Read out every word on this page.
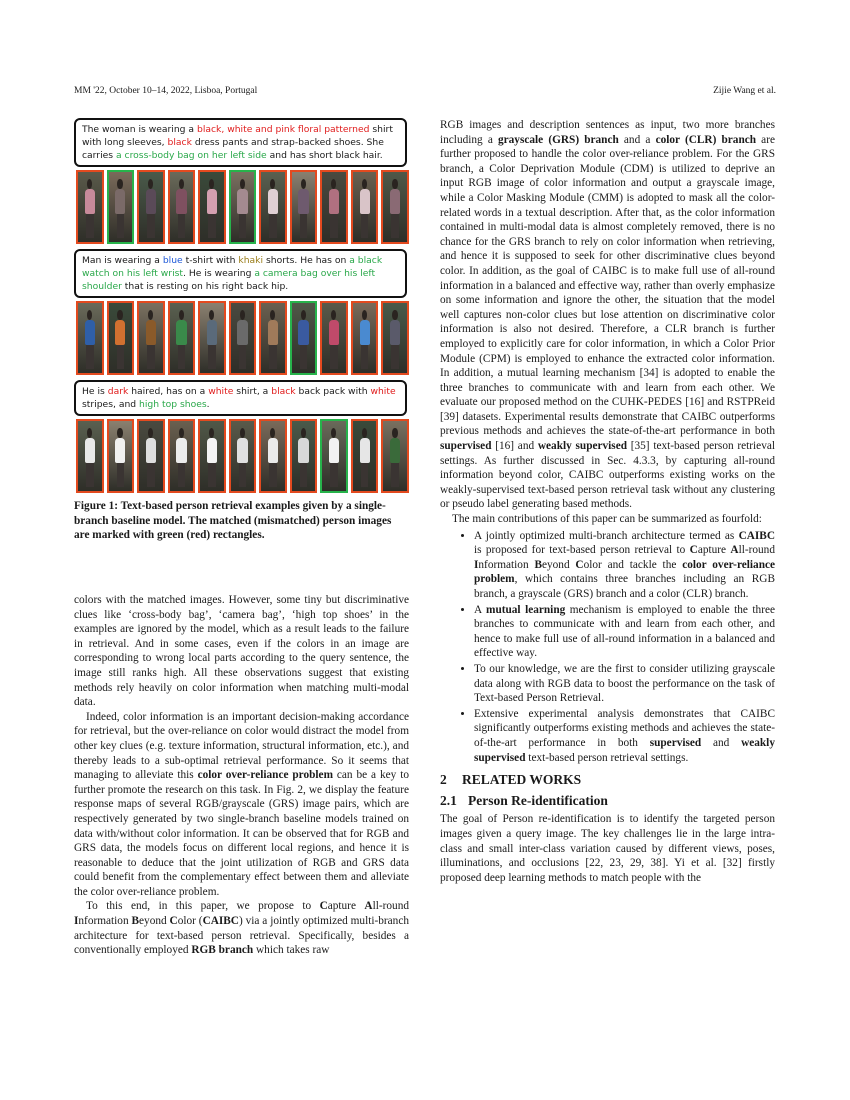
MM '22, October 10–14, 2022, Lisboa, Portugal	Zijie Wang et al.
The woman is wearing a black, white and pink floral patterned shirt with long sleeves, black dress pants and strap-backed shoes. She carries a cross-body bag on her left side and has short black hair.
Man is wearing a blue t-shirt with khaki shorts. He has on a black watch on his left wrist. He is wearing a camera bag over his left shoulder that is resting on his right back hip.
He is dark haired, has on a white shirt, a black back pack with white stripes, and high top shoes.

Figure 1: Text-based person retrieval examples given by a single-branch baseline model. The matched (mismatched) person images are marked with green (red) rectangles.

colors with the matched images. However, some tiny but discriminative clues like ‘cross-body bag’, ‘camera bag’, ‘high top shoes’ in the examples are ignored by the model, which as a result leads to the failure in retrieval. And in some cases, even if the colors in an image are corresponding to wrong local parts according to the query sentence, the image still ranks high. All these observations suggest that existing methods rely heavily on color information when matching multi-modal data.

Indeed, color information is an important decision-making accordance for retrieval, but the over-reliance on color would distract the model from other key clues (e.g. texture information, structural information, etc.), and thereby leads to a sub-optimal retrieval performance. So it seems that managing to alleviate this color over-reliance problem can be a key to further promote the research on this task. In Fig. 2, we display the feature response maps of several RGB/grayscale (GRS) image pairs, which are respectively generated by two single-branch baseline models trained on data with/without color information. It can be observed that for RGB and GRS data, the models focus on different local regions, and hence it is reasonable to deduce that the joint utilization of RGB and GRS data could benefit from the complementary effect between them and alleviate the color over-reliance problem.

To this end, in this paper, we propose to Capture All-round Information Beyond Color (CAIBC) via a jointly optimized multi-branch architecture for text-based person retrieval. Specifically, besides a conventionally employed RGB branch which takes raw

RGB images and description sentences as input, two more branches including a grayscale (GRS) branch and a color (CLR) branch are further proposed to handle the color over-reliance problem. For the GRS branch, a Color Deprivation Module (CDM) is utilized to deprive an input RGB image of color information and output a grayscale image, while a Color Masking Module (CMM) is adopted to mask all the color-related words in a textual description. After that, as the color information contained in multi-modal data is almost completely removed, there is no chance for the GRS branch to rely on color information when retrieving, and hence it is supposed to seek for other discriminative clues beyond color. In addition, as the goal of CAIBC is to make full use of all-round information in a balanced and effective way, rather than overly emphasize on some information and ignore the other, the situation that the model well captures non-color clues but lose attention on discriminative color information is also not desired. Therefore, a CLR branch is further employed to explicitly care for color information, in which a Color Prior Module (CPM) is employed to enhance the extracted color information. In addition, a mutual learning mechanism [34] is adopted to enable the three branches to communicate with and learn from each other. We evaluate our proposed method on the CUHK-PEDES [16] and RSTPReid [39] datasets. Experimental results demonstrate that CAIBC outperforms previous methods and achieves the state-of-the-art performance in both supervised [16] and weakly supervised [35] text-based person retrieval settings. As further discussed in Sec. 4.3.3, by capturing all-round information beyond color, CAIBC outperforms existing works on the weakly-supervised text-based person retrieval task without any clustering or pseudo label generating based methods.

The main contributions of this paper can be summarized as fourfold:

• A jointly optimized multi-branch architecture termed as CAIBC is proposed for text-based person retrieval to Capture All-round Information Beyond Color and tackle the color over-reliance problem, which contains three branches including an RGB branch, a grayscale (GRS) branch and a color (CLR) branch.
• A mutual learning mechanism is employed to enable the three branches to communicate with and learn from each other, and hence to make full use of all-round information in a balanced and effective way.
• To our knowledge, we are the first to consider utilizing grayscale data along with RGB data to boost the performance on the task of Text-based Person Retrieval.
• Extensive experimental analysis demonstrates that CAIBC significantly outperforms existing methods and achieves the state-of-the-art performance in both supervised and weakly supervised text-based person retrieval settings.
2 RELATED WORKS
2.1 Person Re-identification

The goal of Person re-identification is to identify the targeted person images given a query image. The key challenges lie in the large intra-class and small inter-class variation caused by different views, poses, illuminations, and occlusions [22, 23, 29, 38]. Yi et al. [32] firstly proposed deep learning methods to match people with the
